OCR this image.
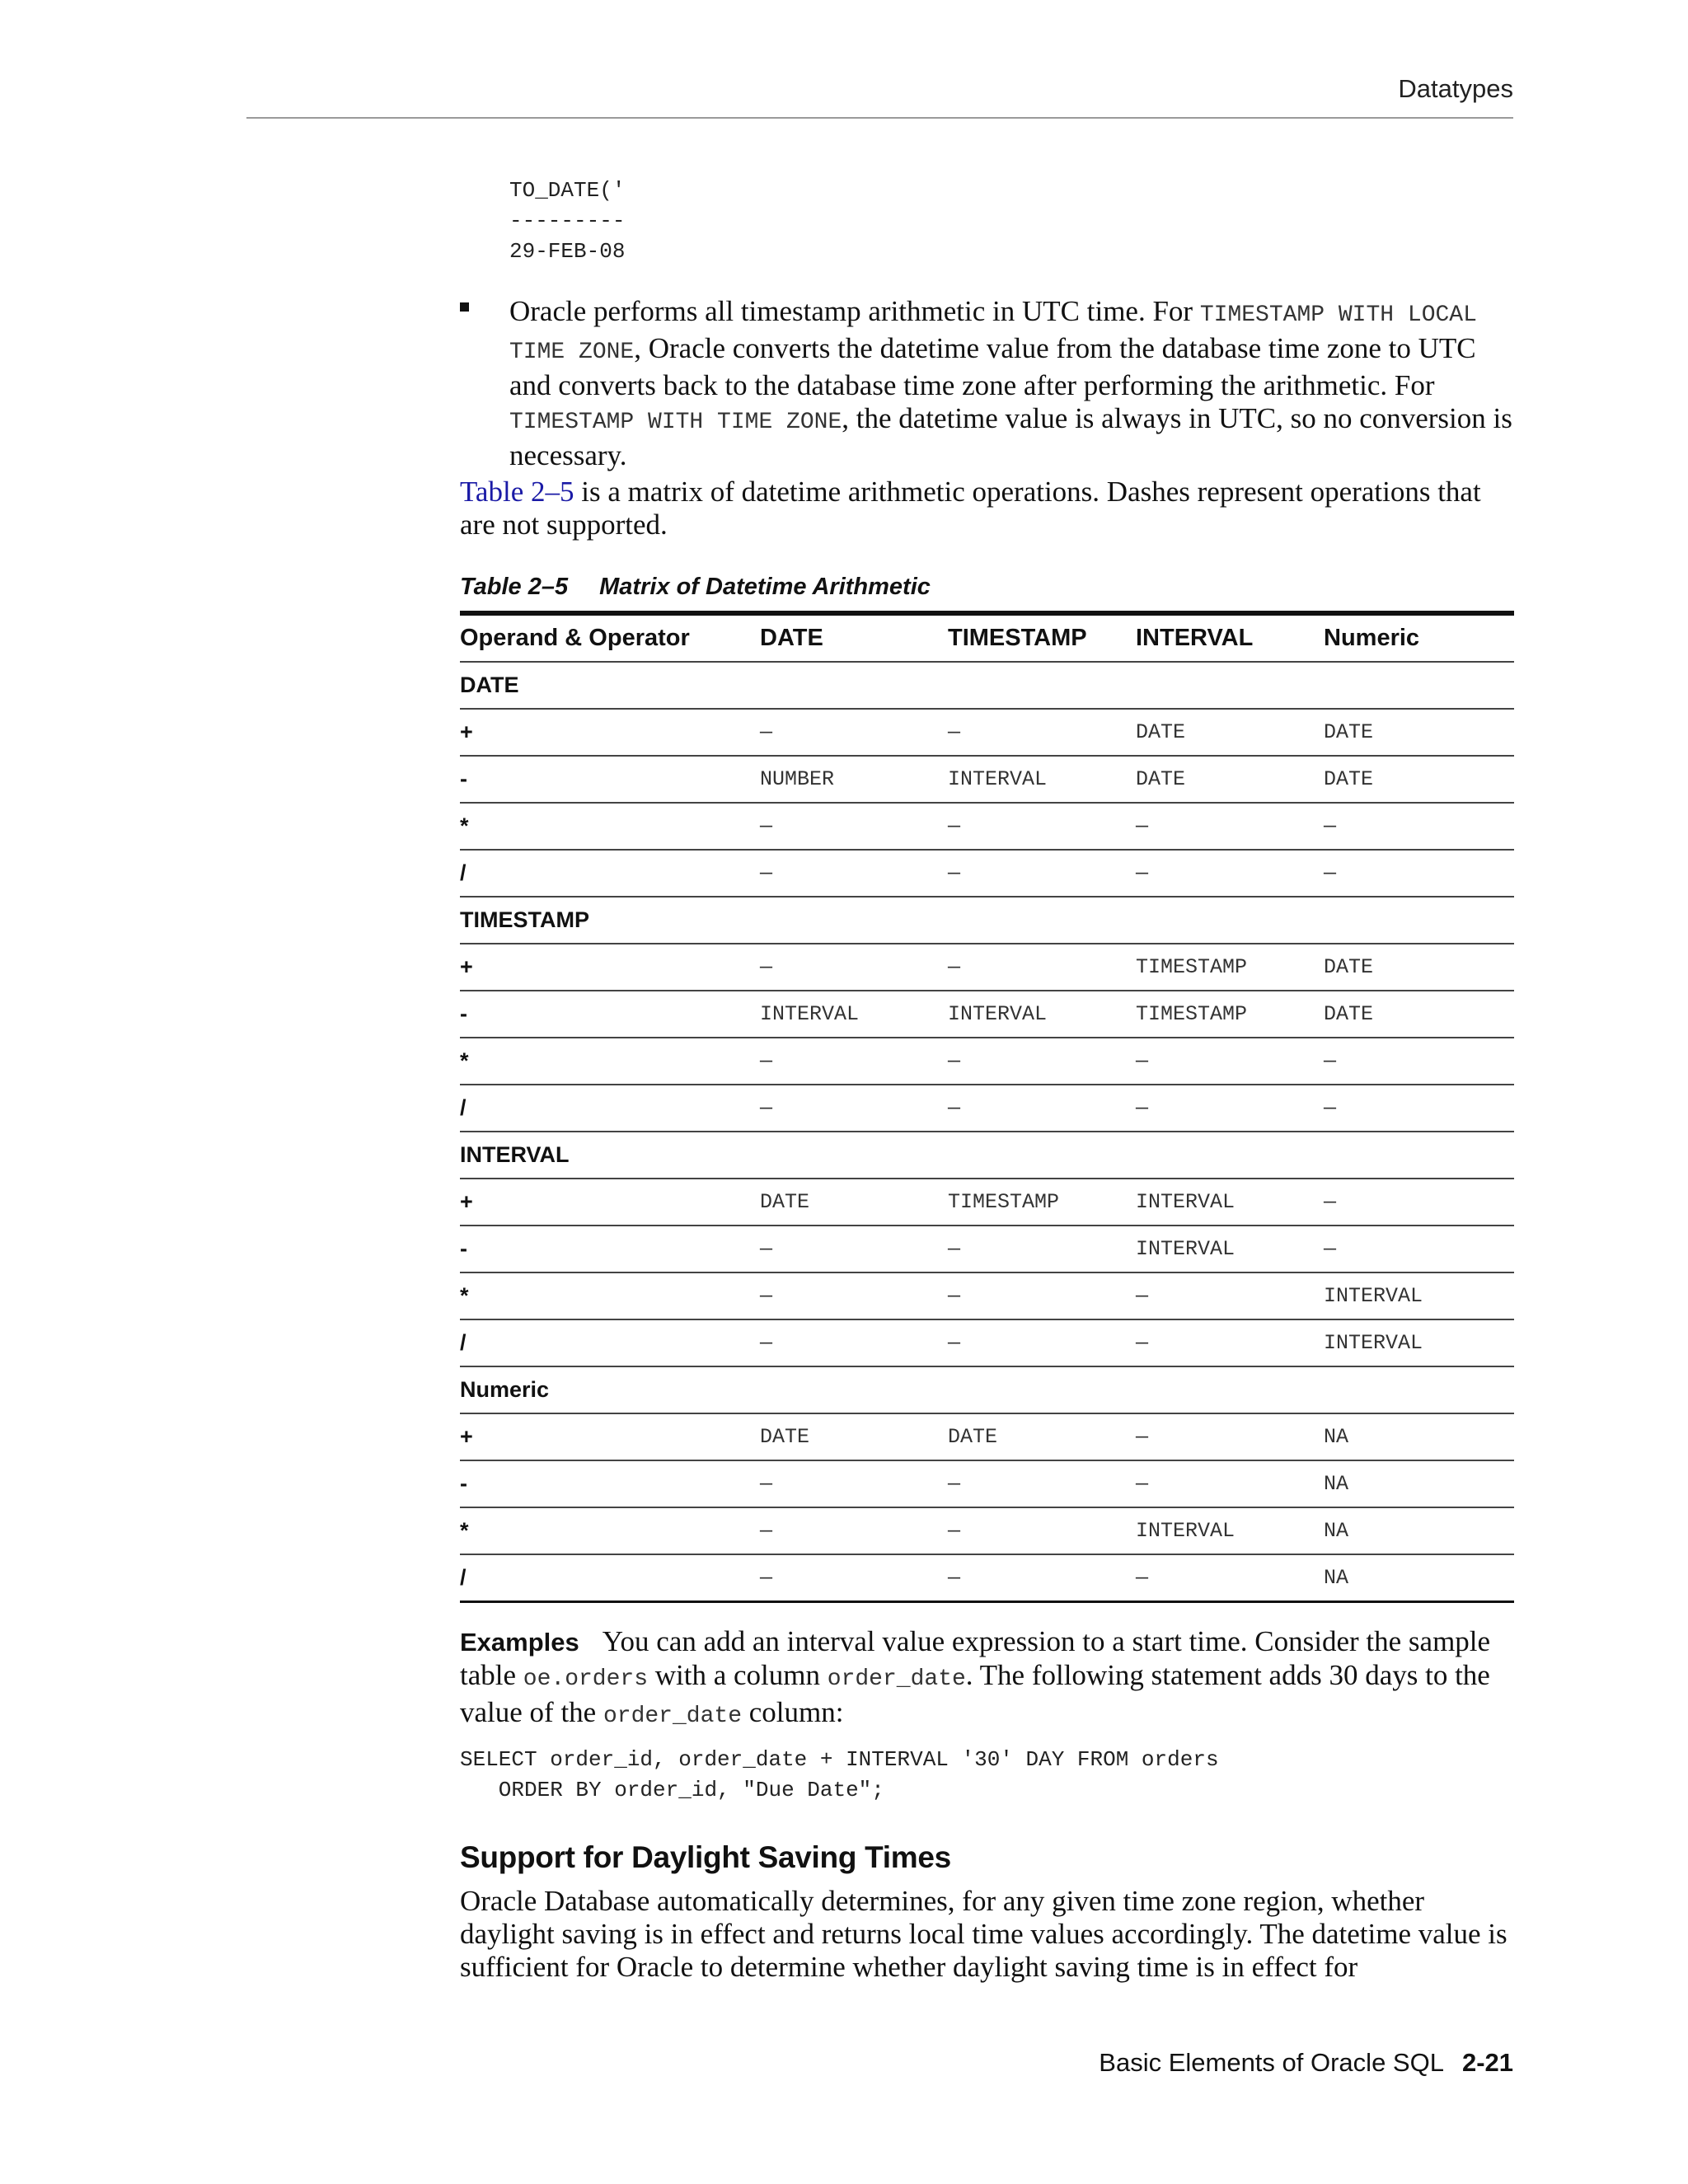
Datatypes
TO_DATE('
---------
29-FEB-08
Oracle performs all timestamp arithmetic in UTC time. For TIMESTAMP WITH LOCAL TIME ZONE, Oracle converts the datetime value from the database time zone to UTC and converts back to the database time zone after performing the arithmetic. For TIMESTAMP WITH TIME ZONE, the datetime value is always in UTC, so no conversion is necessary.
Table 2–5 is a matrix of datetime arithmetic operations. Dashes represent operations that are not supported.
Table 2–5 Matrix of Datetime Arithmetic
Operand & Operator	DATE	TIMESTAMP	INTERVAL	Numeric
DATE				
+	—	—	DATE	DATE
-	NUMBER	INTERVAL	DATE	DATE
*	—	—	—	—
/	—	—	—	—
TIMESTAMP				
+	—	—	TIMESTAMP	DATE
-	INTERVAL	INTERVAL	TIMESTAMP	DATE
*	—	—	—	—
/	—	—	—	—
INTERVAL				
+	DATE	TIMESTAMP	INTERVAL	—
-	—	—	INTERVAL	—
*	—	—	—	INTERVAL
/	—	—	—	INTERVAL
Numeric				
+	DATE	DATE	—	NA
-	—	—	—	NA
*	—	—	INTERVAL	NA
/	—	—	—	NA
Examples You can add an interval value expression to a start time. Consider the sample table oe.orders with a column order_date. The following statement adds 30 days to the value of the order_date column:
SELECT order_id, order_date + INTERVAL '30' DAY FROM orders
ORDER BY order_id, "Due Date";
Support for Daylight Saving Times
Oracle Database automatically determines, for any given time zone region, whether daylight saving is in effect and returns local time values accordingly. The datetime value is sufficient for Oracle to determine whether daylight saving time is in effect for
Basic Elements of Oracle SQL 2-21
